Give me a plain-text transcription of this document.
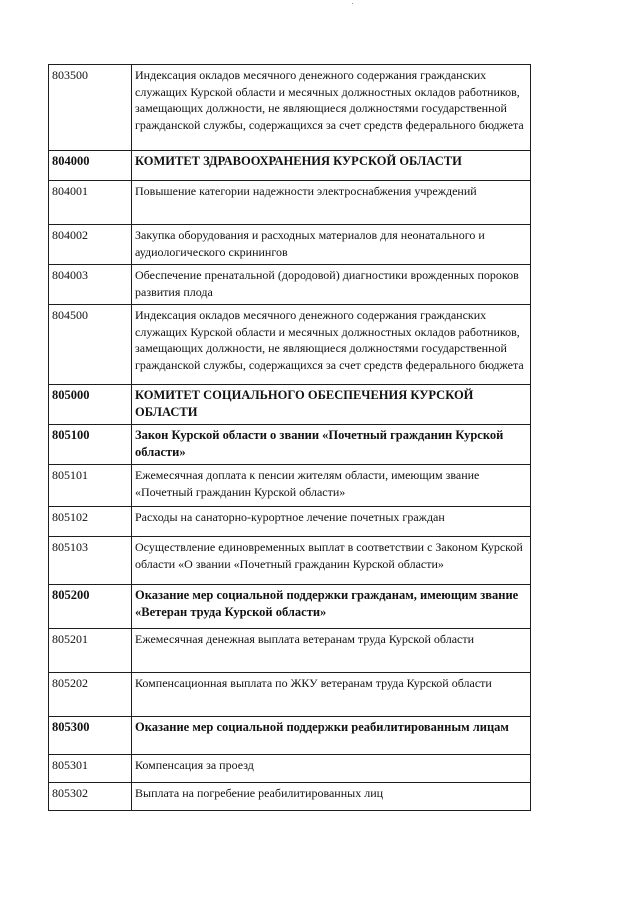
803500	Индексация окладов месячного денежного содержания гражданских служащих Курской области и месячных должностных окладов работников, замещающих должности, не являющиеся должностями государственной гражданской службы, содержащихся за счет средств федерального бюджета
804000	КОМИТЕТ ЗДРАВООХРАНЕНИЯ КУРСКОЙ ОБЛАСТИ
804001	Повышение категории надежности электроснабжения учреждений
804002	Закупка оборудования и расходных материалов для неонатального и аудиологического скринингов
804003	Обеспечение пренатальной (дородовой) диагностики врожденных пороков развития плода
804500	Индексация окладов месячного денежного содержания гражданских служащих Курской области и месячных должностных окладов работников, замещающих должности, не являющиеся должностями государственной гражданской службы, содержащихся за счет средств федерального бюджета
805000	КОМИТЕТ СОЦИАЛЬНОГО ОБЕСПЕЧЕНИЯ КУРСКОЙ ОБЛАСТИ
805100	Закон Курской области о звании «Почетный гражданин Курской области»
805101	Ежемесячная доплата к пенсии жителям области, имеющим звание «Почетный гражданин Курской области»
805102	Расходы на санаторно-курортное лечение почетных граждан
805103	Осуществление единовременных выплат в соответствии с Законом Курской области «О звании «Почетный гражданин Курской области»
805200	Оказание мер социальной поддержки гражданам, имеющим звание «Ветеран труда Курской области»
805201	Ежемесячная денежная выплата ветеранам труда Курской области
805202	Компенсационная выплата по ЖКУ ветеранам труда Курской области
805300	Оказание мер социальной поддержки реабилитированным лицам
805301	Компенсация за проезд
805302	Выплата на погребение реабилитированных лиц
